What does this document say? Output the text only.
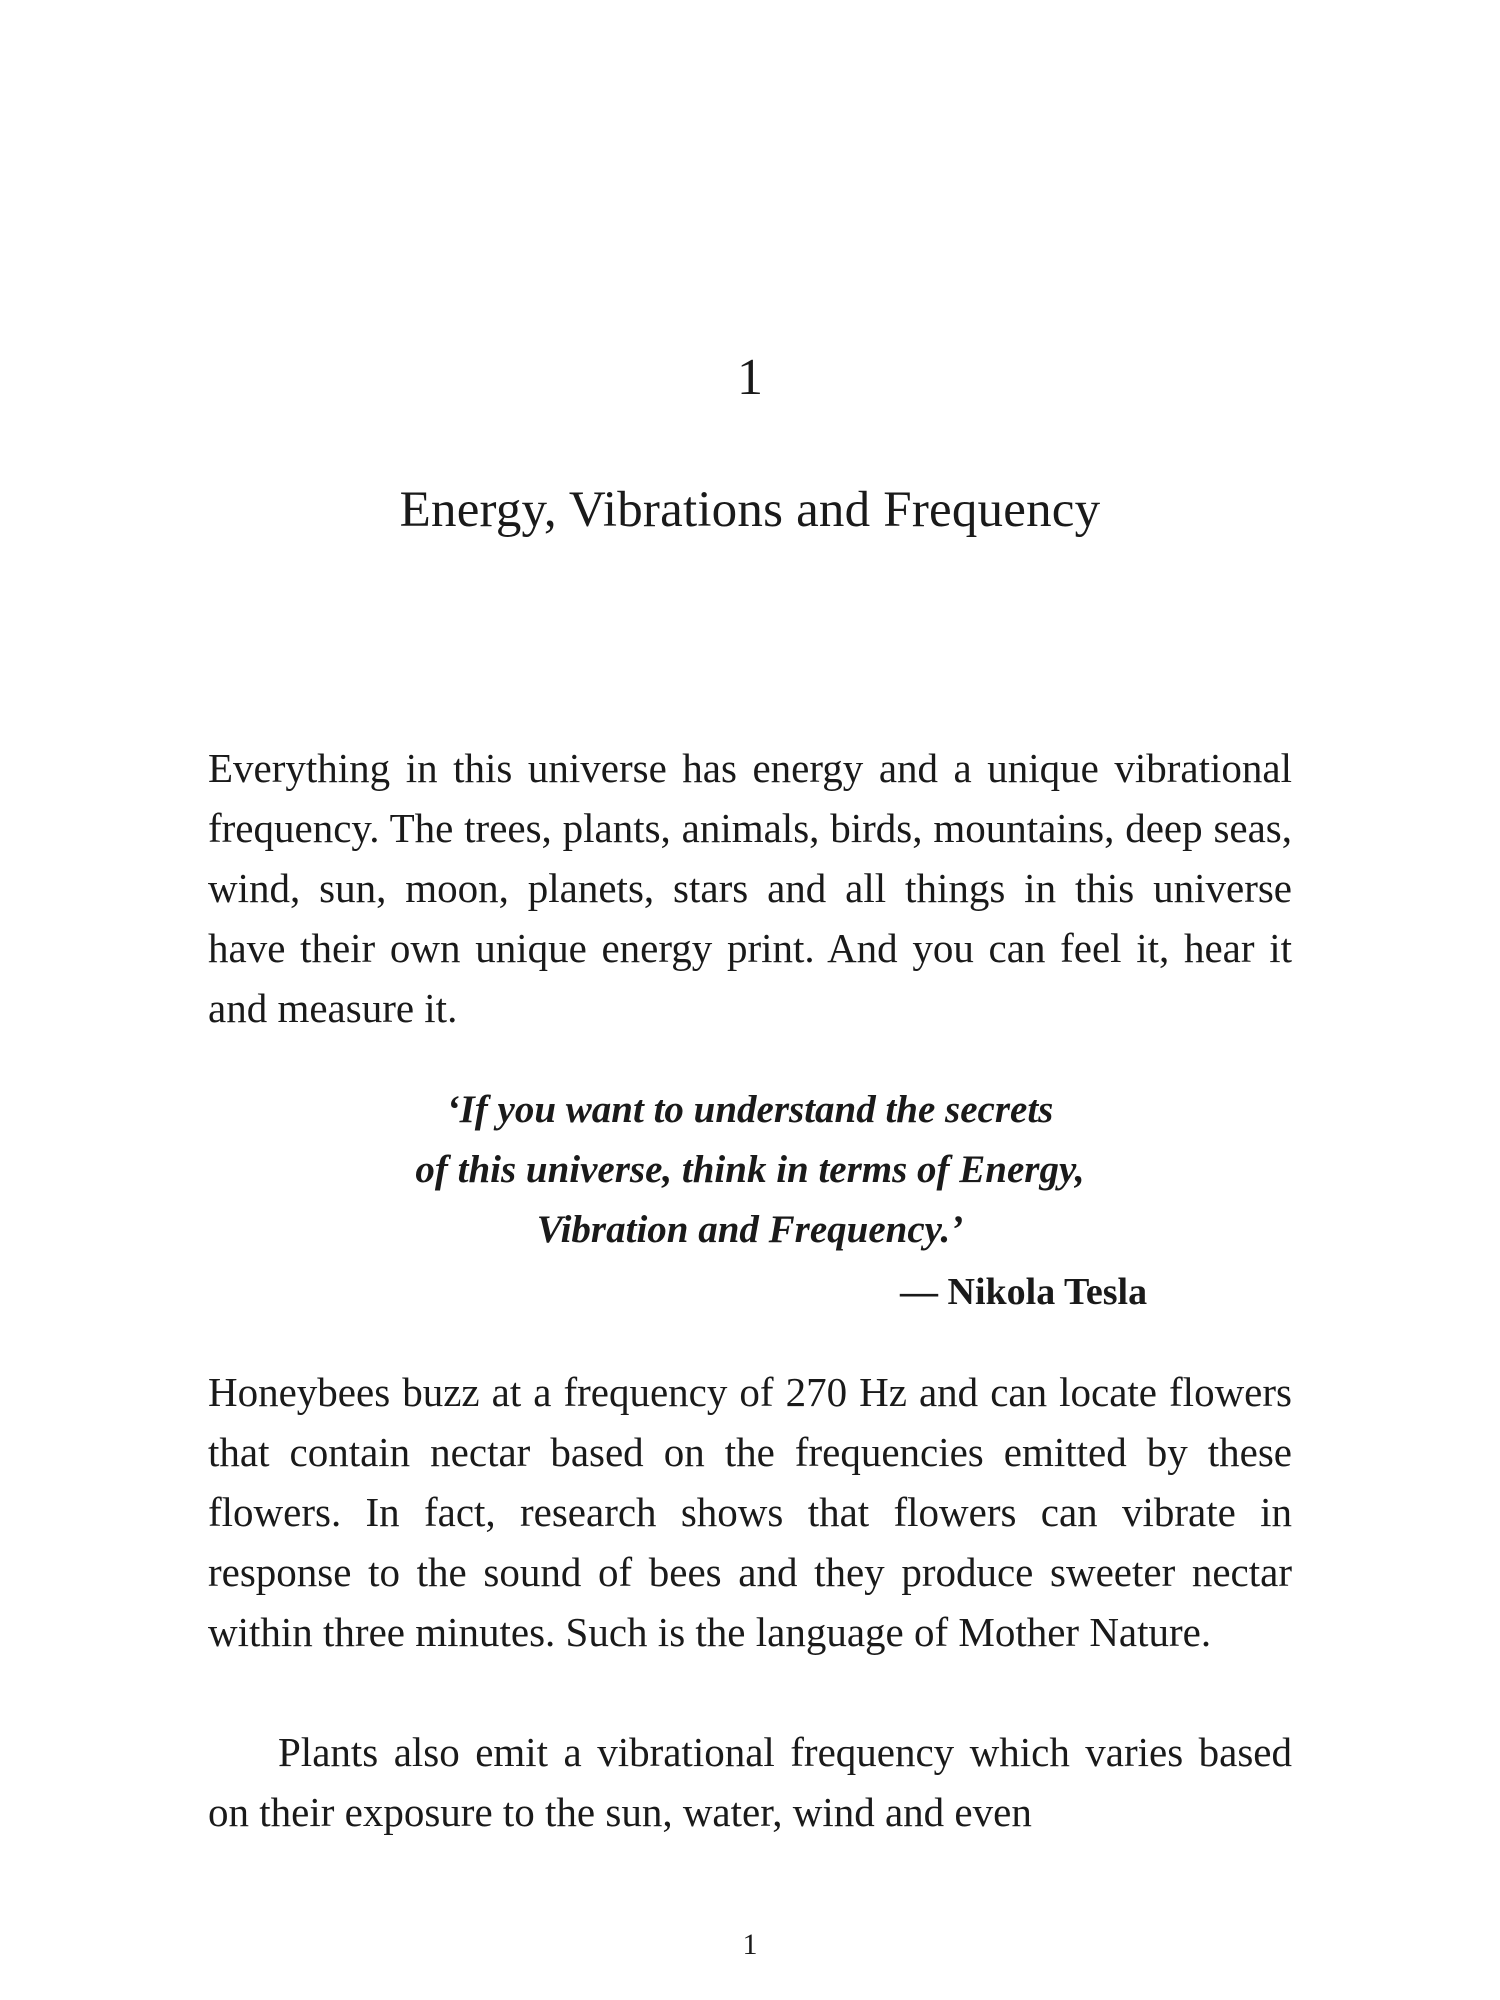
1
Energy, Vibrations and Frequency

Everything in this universe has energy and a unique vibrational frequency. The trees, plants, animals, birds, mountains, deep seas, wind, sun, moon, planets, stars and all things in this universe have their own unique energy print. And you can feel it, hear it and measure it.

‘If you want to understand the secrets
of this universe, think in terms of Energy,
Vibration and Frequency.’
— Nikola Tesla

Honeybees buzz at a frequency of 270 Hz and can locate flowers that contain nectar based on the frequencies emitted by these flowers. In fact, research shows that flowers can vibrate in response to the sound of bees and they produce sweeter nectar within three minutes. Such is the language of Mother Nature.

Plants also emit a vibrational frequency which varies based on their exposure to the sun, water, wind and even

1
